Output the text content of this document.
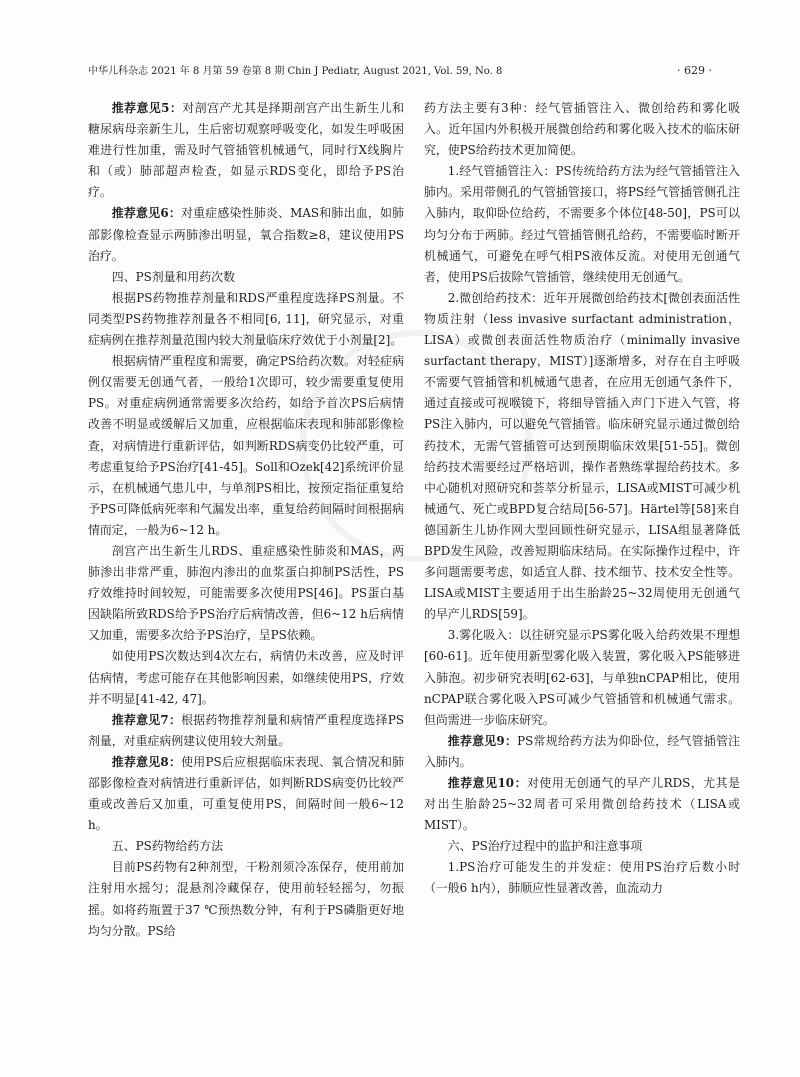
中华儿科杂志 2021 年 8 月第 59 卷第 8 期 Chin J Pediatr, August 2021, Vol. 59, No. 8	· 629 ·

推荐意见5：对剖宫产尤其是择期剖宫产出生新生儿和糖尿病母亲新生儿，生后密切观察呼吸变化，如发生呼吸困难进行性加重，需及时气管插管机械通气，同时行X线胸片和（或）肺部超声检查，如显示RDS变化，即给予PS治疗。

推荐意见6：对重症感染性肺炎、MAS和肺出血，如肺部影像检查显示两肺渗出明显，氧合指数≥8，建议使用PS治疗。

四、PS剂量和用药次数

根据PS药物推荐剂量和RDS严重程度选择PS剂量。不同类型PS药物推荐剂量各不相同[6, 11]，研究显示，对重症病例在推荐剂量范围内较大剂量临床疗效优于小剂量[2]。

根据病情严重程度和需要，确定PS给药次数。对轻症病例仅需要无创通气者，一般给1次即可，较少需要重复使用PS。对重症病例通常需要多次给药，如给予首次PS后病情改善不明显或缓解后又加重，应根据临床表现和肺部影像检查，对病情进行重新评估，如判断RDS病变仍比较严重，可考虑重复给予PS治疗[41-45]。Soll和Ozek[42]系统评价显示，在机械通气患儿中，与单剂PS相比，按预定指征重复给予PS可降低病死率和气漏发出率，重复给药间隔时间根据病情而定，一般为6~12 h。

剖宫产出生新生儿RDS、重症感染性肺炎和MAS，两肺渗出非常严重，肺泡内渗出的血浆蛋白抑制PS活性，PS疗效维持时间较短，可能需要多次使用PS[46]。PS蛋白基因缺陷所致RDS给予PS治疗后病情改善，但6~12 h后病情又加重，需要多次给予PS治疗，呈PS依赖。

如使用PS次数达到4次左右，病情仍未改善，应及时评估病情，考虑可能存在其他影响因素，如继续使用PS，疗效并不明显[41-42, 47]。

推荐意见7：根据药物推荐剂量和病情严重程度选择PS剂量，对重症病例建议使用较大剂量。

推荐意见8：使用PS后应根据临床表现、氧合情况和肺部影像检查对病情进行重新评估，如判断RDS病变仍比较严重或改善后又加重，可重复使用PS，间隔时间一般6~12 h。

五、PS药物给药方法

目前PS药物有2种剂型，干粉剂须冷冻保存，使用前加注射用水摇匀；混悬剂冷藏保存，使用前轻轻摇匀，勿振摇。如将药瓶置于37 ℃预热数分钟，有利于PS磷脂更好地均匀分散。PS给

药方法主要有3种：经气管插管注入、微创给药和雾化吸入。近年国内外积极开展微创给药和雾化吸入技术的临床研究，使PS给药技术更加简便。

1.经气管插管注入：PS传统给药方法为经气管插管注入肺内。采用带侧孔的气管插管接口，将PS经气管插管侧孔注入肺内，取仰卧位给药，不需要多个体位[48-50]，PS可以均匀分布于两肺。经过气管插管侧孔给药，不需要临时断开机械通气，可避免在呼气相PS液体反流。对使用无创通气者，使用PS后拔除气管插管，继续使用无创通气。

2.微创给药技术：近年开展微创给药技术[微创表面活性物质注射（less invasive surfactant administration，LISA）或微创表面活性物质治疗（minimally invasive surfactant therapy，MIST）]逐渐增多，对存在自主呼吸不需要气管插管和机械通气患者，在应用无创通气条件下，通过直接或可视喉镜下，将细导管插入声门下进入气管，将PS注入肺内，可以避免气管插管。临床研究显示通过微创给药技术，无需气管插管可达到预期临床效果[51-55]。微创给药技术需要经过严格培训，操作者熟练掌握给药技术。多中心随机对照研究和荟萃分析显示，LISA或MIST可减少机械通气、死亡或BPD复合结局[56-57]。Härtel等[58]来自德国新生儿协作网大型回顾性研究显示，LISA组显著降低BPD发生风险，改善短期临床结局。在实际操作过程中，许多问题需要考虑，如适宜人群、技术细节、技术安全性等。LISA或MIST主要适用于出生胎龄25~32周使用无创通气的早产儿RDS[59]。

3.雾化吸入：以往研究显示PS雾化吸入给药效果不理想[60-61]。近年使用新型雾化吸入装置，雾化吸入PS能够进入肺泡。初步研究表明[62-63]，与单独nCPAP相比，使用nCPAP联合雾化吸入PS可减少气管插管和机械通气需求。但尚需进一步临床研究。

推荐意见9：PS常规给药方法为仰卧位，经气管插管注入肺内。

推荐意见10：对使用无创通气的早产儿RDS，尤其是对出生胎龄25~32周者可采用微创给药技术（LISA或MIST）。

六、PS治疗过程中的监护和注意事项

1.PS治疗可能发生的并发症：使用PS治疗后数小时（一般6 h内），肺顺应性显著改善，血流动力
